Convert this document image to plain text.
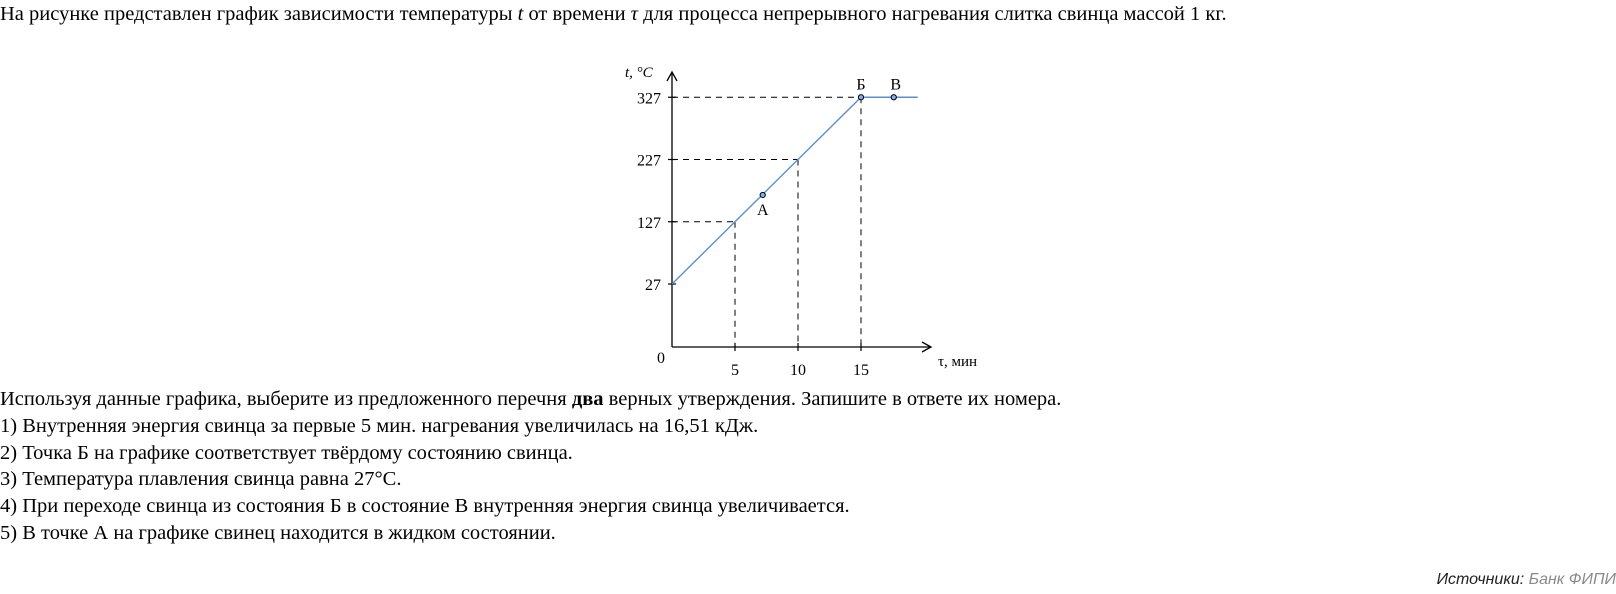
На рисунке представлен график зависимости температуры t от времени τ для процесса непрерывного нагревания слитка свинца массой 1 кг.
27
127
227
327
5	10	15
А
Б В
t, °C
τ, мин
0

Используя данные графика, выберите из предложенного перечня два верных утверждения. Запишите в ответе их номера.

1) Внутренняя энергия свинца за первые 5 мин. нагревания увеличилась на 16,51 кДж.

2) Точка Б на графике соответствует твёрдому состоянию свинца.

3) Температура плавления свинца равна 27°C.

4) При переходе свинца из состояния Б в состояние В внутренняя энергия свинца увеличивается.

5) В точке А на графике свинец находится в жидком состоянии.

Источники: Банк ФИПИ
